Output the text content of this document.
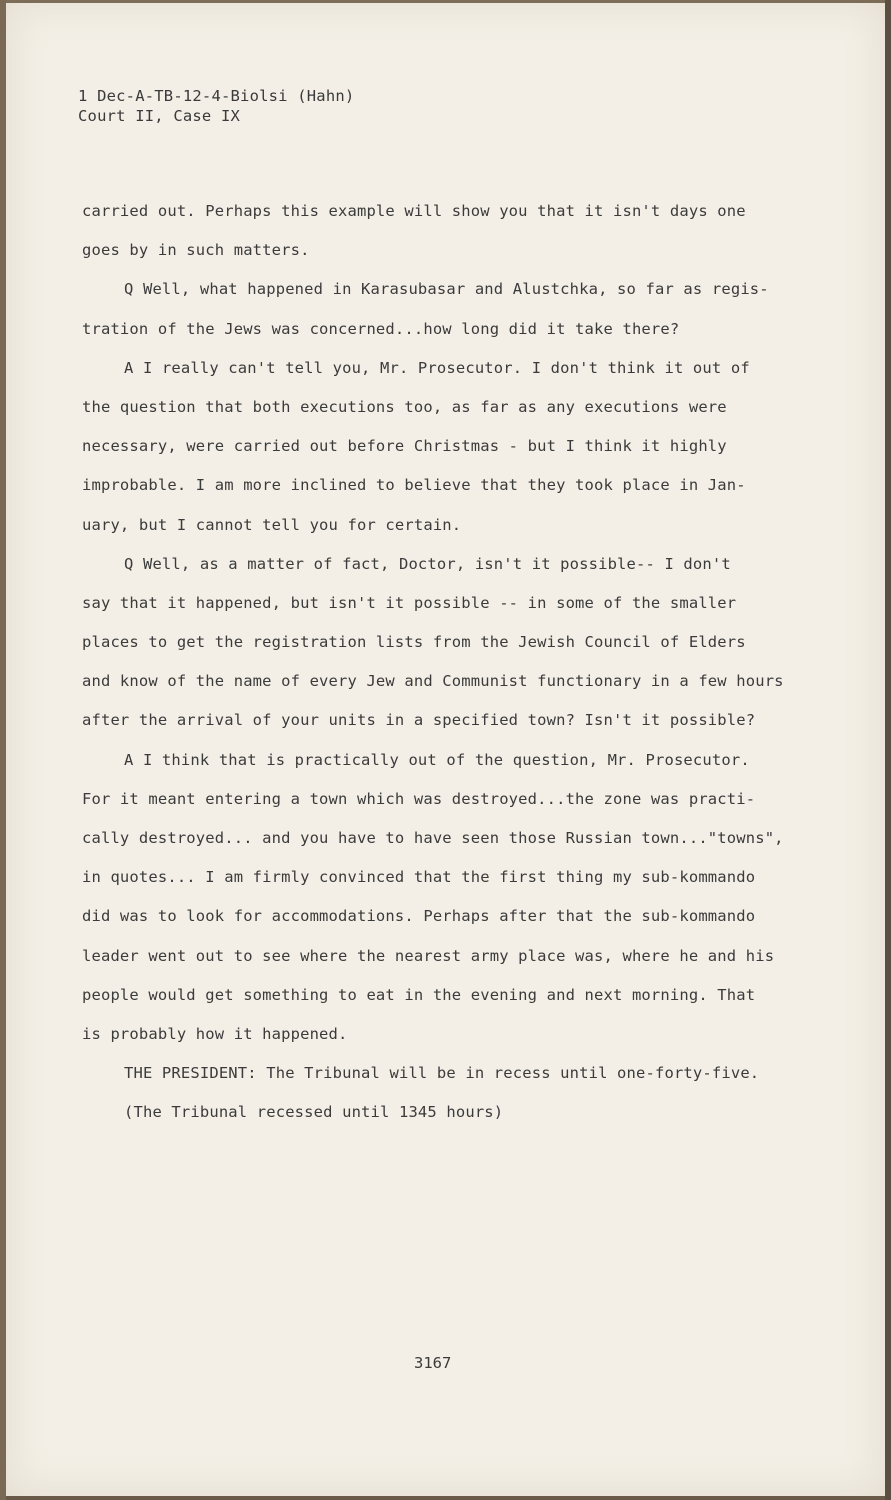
1 Dec-A-TB-12-4-Biolsi (Hahn)
Court II, Case IX
carried out. Perhaps this example will show you that it isn't days one
goes by in such matters.
Q Well, what happened in Karasubasar and Alustchka, so far as regis-
tration of the Jews was concerned...how long did it take there?
A I really can't tell you, Mr. Prosecutor. I don't think it out of
the question that both executions too, as far as any executions were
necessary, were carried out before Christmas - but I think it highly
improbable. I am more inclined to believe that they took place in Jan-
uary, but I cannot tell you for certain.
Q Well, as a matter of fact, Doctor, isn't it possible-- I don't
say that it happened, but isn't it possible -- in some of the smaller
places to get the registration lists from the Jewish Council of Elders
and know of the name of every Jew and Communist functionary in a few hours
after the arrival of your units in a specified town? Isn't it possible?
A I think that is practically out of the question, Mr. Prosecutor.
For it meant entering a town which was destroyed...the zone was practi-
cally destroyed... and you have to have seen those Russian town..."towns",
in quotes... I am firmly convinced that the first thing my sub-kommando
did was to look for accommodations. Perhaps after that the sub-kommando
leader went out to see where the nearest army place was, where he and his
people would get something to eat in the evening and next morning. That
is probably how it happened.
THE PRESIDENT: The Tribunal will be in recess until one-forty-five.
(The Tribunal recessed until 1345 hours)
3167
